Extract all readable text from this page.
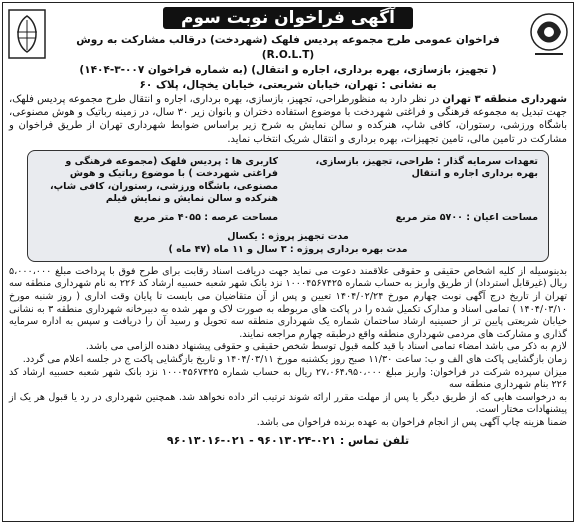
آگهی فراخوان نوبت سوم
فراخوان عمومی طرح مجموعه پردیس فلهک (شهردخت) درقالب مشارکت به روش (R.O.L.T)
( تجهیز، بازسازی، بهره برداری، اجاره و انتقال) (به شماره فراخوان ۰۰۷-۳-۱۴۰۴)
به نشانی : تهران، خیابان شریعتی، خیابان یخچال، پلاک ۶۰

شهرداری منطقه ۳ تهران در نظر دارد به منظورطراحی، تجهیز، بازسازی، بهره برداری، اجاره و انتقال طرح مجموعه پردیس فلهک، جهت تبدیل به مجموعه فرهنگی و فراغتی شهردخت با موضوع استفاده دختران و بانوان زیر ۳۰ سال، در زمینه رباتیک و هوش مصنوعی، باشگاه ورزشی، رستوران، کافی شاپ، هنرکده و سالن نمایش به شرح زیر براساس ضوابط شهرداری تهران از طریق فراخوان و مشارکت در تامین مالی، تامین تجهیزات، بهره برداری و انتقال شریک انتخاب نماید.

تعهدات سرمایه گذار : طراحی، تجهیز، بازسازی، بهره برداری اجاره و انتقال
کاربری ها : پردیس فلهک (مجموعه فرهنگی و فراغتی شهردخت ) با موضوع رباتیک و هوش مصنوعی، باشگاه ورزشی، رستوران، کافی شاپ، هنرکده و سالن نمایش و نمایش فیلم
مساحت اعیان : ۵۷۰۰ متر مربع
مساحت عرصه : ۴۰۵۵ متر مربع
مدت تجهیز پروژه : یکسال
مدت بهره برداری پروژه : ۳ سال و ۱۱ ماه (۴۷ ماه )

بدینوسیله از کلیه اشخاص حقیقی و حقوقی علاقمند دعوت می نماید جهت دریافت اسناد رقابت برای طرح فوق با پرداخت مبلغ ۵،۰۰۰،۰۰۰ ریال (غیرقابل استرداد) از طریق واریز به حساب شماره ۱۰۰۰۴۵۶۷۴۲۵ نزد بانک شهر شعبه حسبیه ارشاد کد ۲۲۶ به نام شهرداری منطقه سه تهران از تاریخ درج آگهی نوبت چهارم مورخ ۱۴۰۴/۰۲/۲۴ تعیین و پس از آن متقاضیان می بایست تا پایان وقت اداری ( روز شنبه مورخ ۱۴۰۴/۰۳/۱۰ ) تمامی اسناد و مدارک تکمیل شده را در پاکت های مربوطه به صورت لاک و مهر شده به دبیرخانه شهرداری منطقه ۳ به نشانی خیابان شریعتی پایین تر از حسینیه ارشاد ساختمان شماره یک شهرداری منطقه سه تحویل و رسید آن را دریافت و سپس به اداره سرمایه گذاری و مشارکت های مردمی شهرداری منطقه واقع درطبقه چهارم مراجعه نمایند.

لازم به ذکر می باشد امضاء تمامی اسناد با قید کلمه قبول توسط شخص حقیقی و حقوقی پیشنهاد دهنده الزامی می باشد.

زمان بازگشایی پاکت های الف و ب: ساعت ۱۱/۳۰ صبح روز یکشنبه مورخ ۱۴۰۴/۰۳/۱۱ و تاریخ بازگشایی پاکت ج در جلسه اعلام می گردد.

میزان سپرده شرکت در فراخوان: واریز مبلغ ۲۷،۰۶۴،۹۵۰،۰۰۰ ریال به حساب شماره ۱۰۰۰۴۵۶۷۴۲۵ نزد بانک شهر شعبه حسبیه ارشاد کد ۲۲۶ بنام شهرداری منطقه سه

به درخواست هایی که از طریق دیگر یا پس از مهلت مقرر ارائه شوند ترتیب اثر داده نخواهد شد. همچنین شهرداری در رد یا قبول هر یک از پیشنهادات مختار است.

ضمنا هزینه چاپ آگهی پس از انجام فراخوان به عهده برنده فراخوان می باشد.

تلفن تماس : ۰۲۱-۹۶۰۱۳۰۲۴ - ۰۲۱-۹۶۰۱۳۰۱۶
